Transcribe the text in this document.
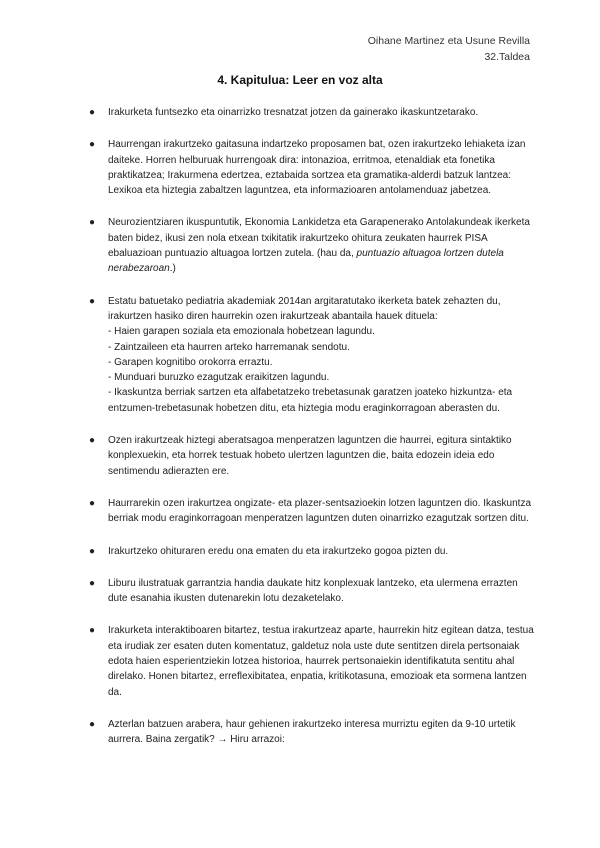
Oihane Martinez eta Usune Revilla
32.Taldea
4. Kapitulua: Leer en voz alta
● Irakurketa funtsezko eta oinarrizko tresnatzat jotzen da gainerako ikaskuntzetarako.
● Haurrengan irakurtzeko gaitasuna indartzeko proposamen bat, ozen irakurtzeko lehiaketa izan daiteke. Horren helburuak hurrengoak dira: intonazioa, erritmoa, etenaldiak eta fonetika praktikatzea; Irakurmena edertzea, eztabaida sortzea eta gramatika-alderdi batzuk lantzea: Lexikoa eta hiztegia zabaltzen laguntzea, eta informazioaren antolamenduaz jabetzea.
● Neurozientziaren ikuspuntutik, Ekonomia Lankidetza eta Garapenerako Antolakundeak ikerketa baten bidez, ikusi zen nola etxean txikitatik irakurtzeko ohitura zeukaten haurrek PISA ebaluazioan puntuazio altuagoa lortzen zutela. (hau da, puntuazio altuagoa lortzen dutela nerabezaroan.)
● Estatu batuetako pediatria akademiak 2014an argitaratutako ikerketa batek zehazten du, irakurtzen hasiko diren haurrekin ozen irakurtzeak abantaila hauek dituela:
- Haien garapen soziala eta emozionala hobetzean lagundu.
- Zaintzaileen eta haurren arteko harremanak sendotu.
- Garapen kognitibo orokorra erraztu.
- Munduari buruzko ezagutzak eraikitzen lagundu.
- Ikaskuntza berriak sartzen eta alfabetatzeko trebetasunak garatzen joateko hizkuntza- eta entzumen-trebetasunak hobetzen ditu, eta hiztegia modu eraginkorragoan aberasten du.
● Ozen irakurtzeak hiztegi aberatsagoa menperatzen laguntzen die haurrei, egitura sintaktiko konplexuekin, eta horrek testuak hobeto ulertzen laguntzen die, baita edozein ideia edo sentimendu adierazten ere.
● Haurrarekin ozen irakurtzea ongizate- eta plazer-sentsazioekin lotzen laguntzen dio. Ikaskuntza berriak modu eraginkorragoan menperatzen laguntzen duten oinarrizko ezagutzak sortzen ditu.
● Irakurtzeko ohituraren eredu ona ematen du eta irakurtzeko gogoa pizten du.
● Liburu ilustratuak garrantzia handia daukate hitz konplexuak lantzeko, eta ulermena errazten dute esanahia ikusten dutenarekin lotu dezaketelako.
● Irakurketa interaktiboaren bitartez, testua irakurtzeaz aparte, haurrekin hitz egitean datza, testua eta irudiak zer esaten duten komentatuz, galdetuz nola uste dute sentitzen direla pertsonaiak edota haien esperientziekin lotzea historioa, haurrek pertsonaiekin identifikatuta sentitu ahal direlako. Honen bitartez, erreflexibitatea, enpatia, kritikotasuna, emozioak eta sormena lantzen da.
● Azterlan batzuen arabera, haur gehienen irakurtzeko interesa murriztu egiten da 9-10 urtetik aurrera. Baina zergatik? → Hiru arrazoi:
